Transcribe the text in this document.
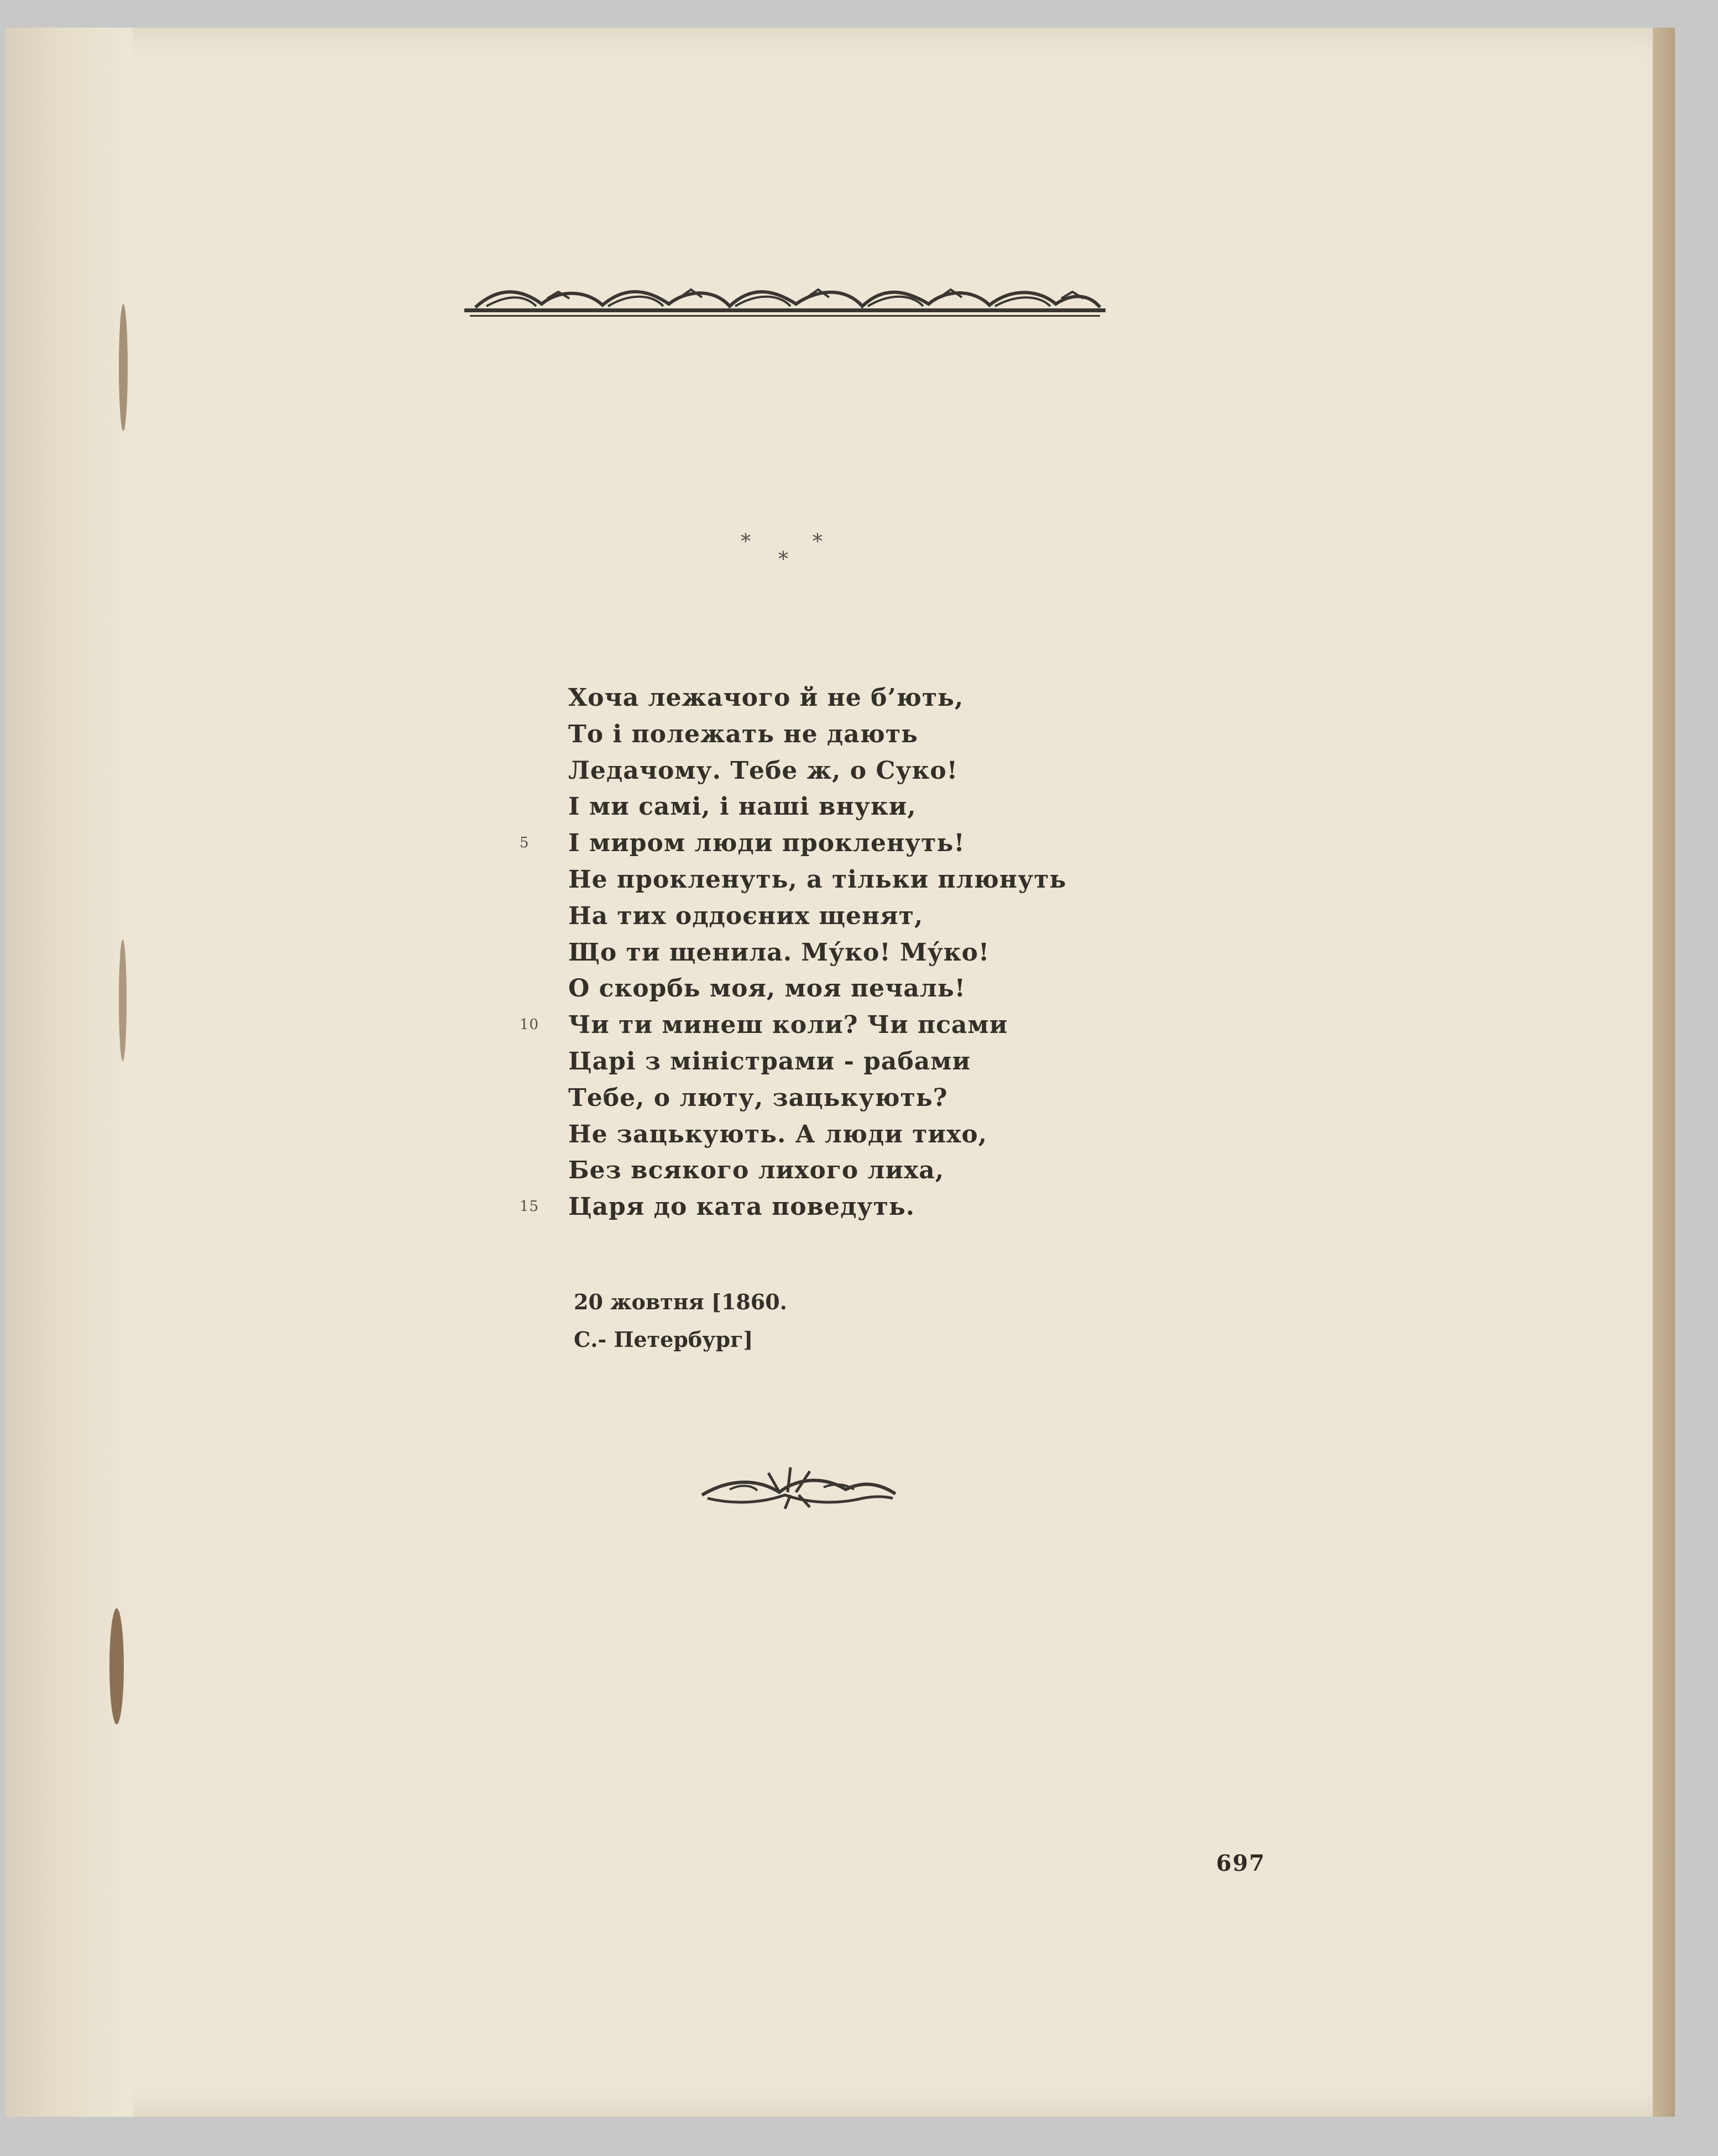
*
*
*
Хоча лежачого й не б’ють,
То і полежать не дають
Ледачому. Тебе ж, о Суко!
І ми самі, і наші внуки,
5 І миром люди прокленуть!
Не прокленуть, а тільки плюнуть
На тих оддоєних щенят,
Що ти щенила. Му́ко! Му́ко!
О скорбь моя, моя печаль!
10 Чи ти минеш коли? Чи псами
Царі з міністрами - рабами
Тебе, о люту, зацькують?
Не зацькують. А люди тихо,
Без всякого лихого лиха,
15 Царя до ката поведуть.
20 жовтня [1860.
С.- Петербург]
697
